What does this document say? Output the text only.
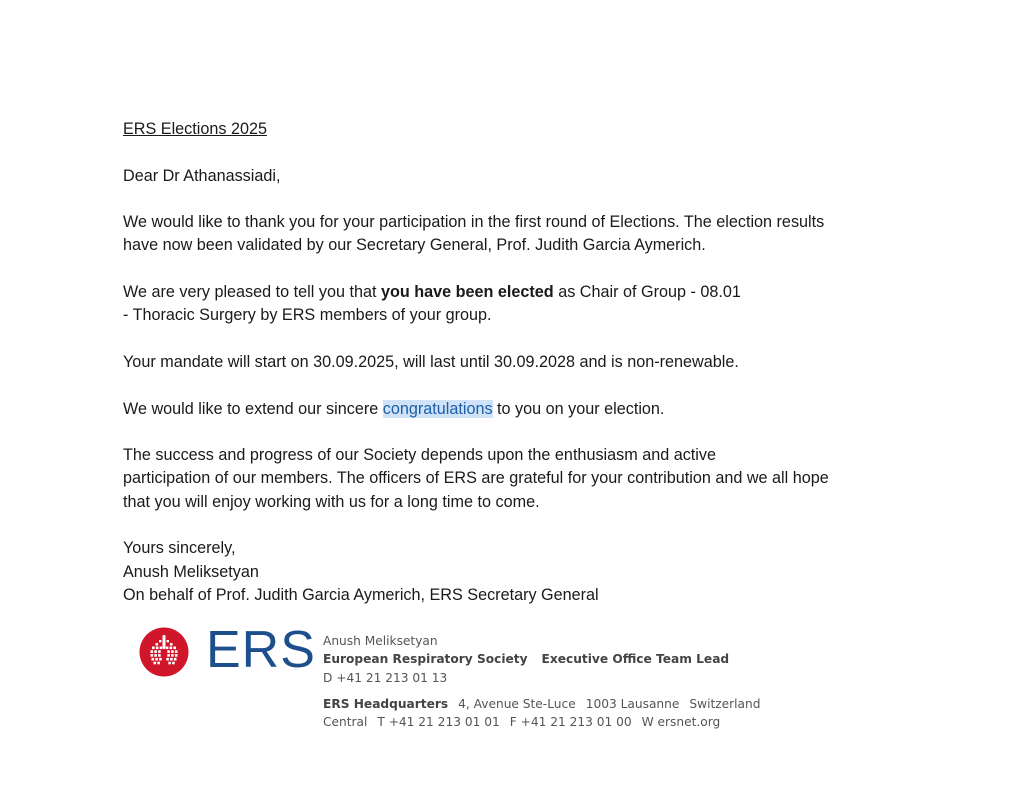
ERS Elections 2025

Dear Dr Athanassiadi,

We would like to thank you for your participation in the first round of Elections. The election results
have now been validated by our Secretary General, Prof. Judith Garcia Aymerich.

We are very pleased to tell you that you have been elected as Chair of Group - 08.01
- Thoracic Surgery by ERS members of your group.

Your mandate will start on 30.09.2025, will last until 30.09.2028 and is non-renewable.

We would like to extend our sincere congratulations to you on your election.

The success and progress of our Society depends upon the enthusiasm and active
participation of our members. The officers of ERS are grateful for your contribution and we all hope
that you will enjoy working with us for a long time to come.

Yours sincerely,

Anush Meliksetyan

On behalf of Prof. Judith Garcia Aymerich, ERS Secretary General

ERS Anush Meliksetyan
European Respiratory Society Executive Office Team Lead
D +41 21 213 01 13
ERS Headquarters 4, Avenue Ste-Luce 1003 Lausanne Switzerland
Central T +41 21 213 01 01 F +41 21 213 01 00 W ersnet.org
